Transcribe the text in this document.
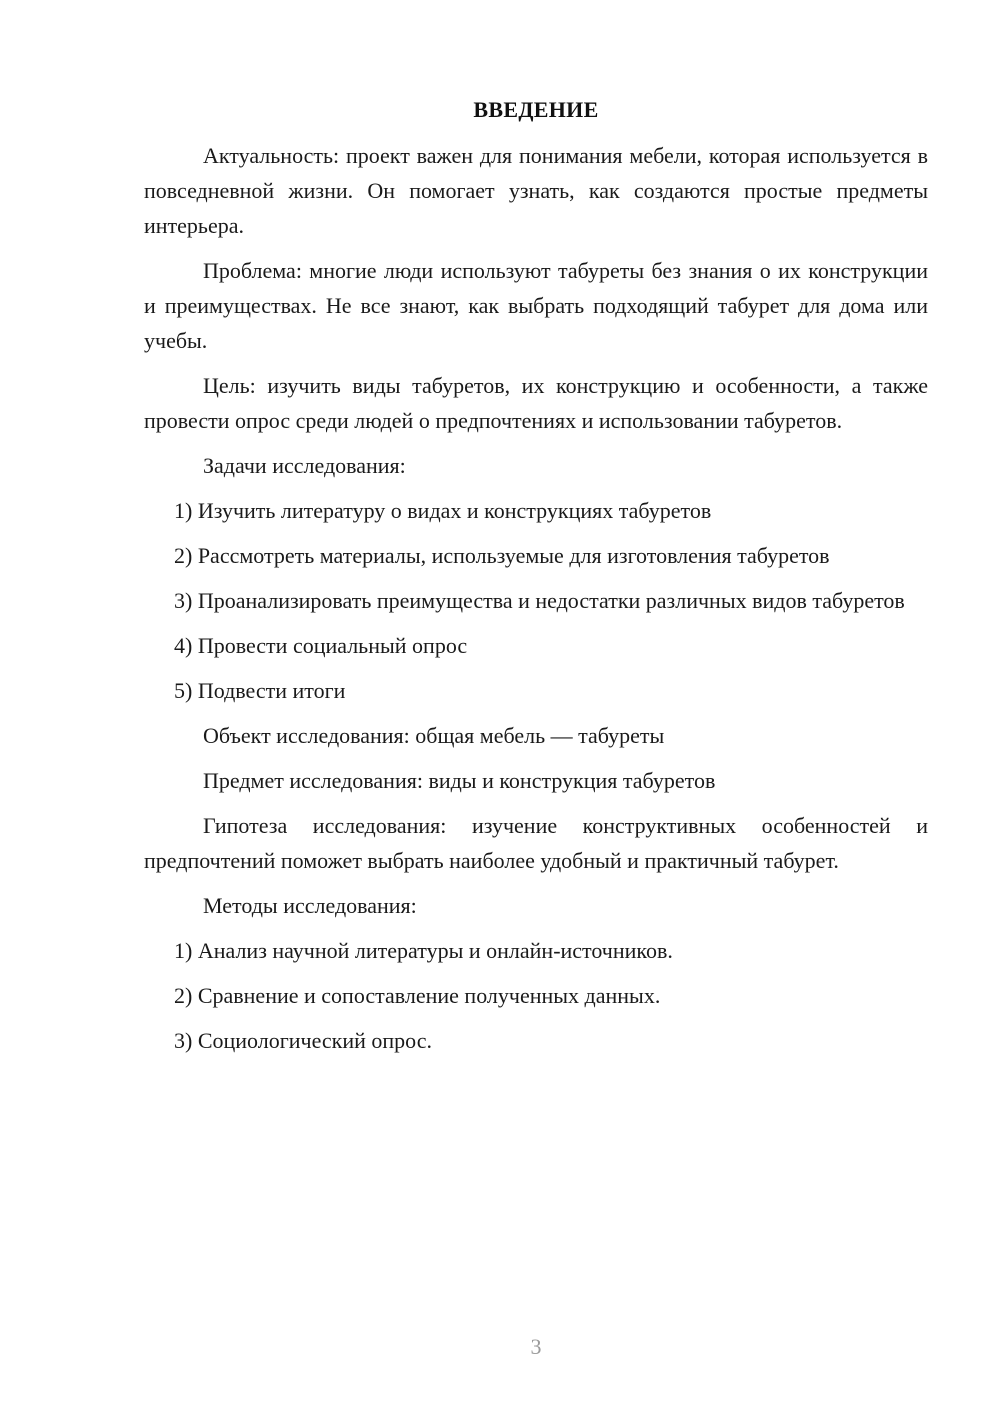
ВВЕДЕНИЕ

Актуальность: проект важен для понимания мебели, которая используется в повседневной жизни. Он помогает узнать, как создаются простые предметы интерьера.

Проблема: многие люди используют табуреты без знания о их конструкции и преимуществах. Не все знают, как выбрать подходящий табурет для дома или учебы.

Цель: изучить виды табуретов, их конструкцию и особенности, а также провести опрос среди людей о предпочтениях и использовании табуретов.

Задачи исследования:

1) Изучить литературу о видах и конструкциях табуретов

2) Рассмотреть материалы, используемые для изготовления табуретов

3) Проанализировать преимущества и недостатки различных видов табуретов

4) Провести социальный опрос

5) Подвести итоги

Объект исследования: общая мебель — табуреты

Предмет исследования: виды и конструкция табуретов

Гипотеза исследования: изучение конструктивных особенностей и предпочтений поможет выбрать наиболее удобный и практичный табурет.

Методы исследования:

1) Анализ научной литературы и онлайн-источников.

2) Сравнение и сопоставление полученных данных.

3) Социологический опрос.

3
